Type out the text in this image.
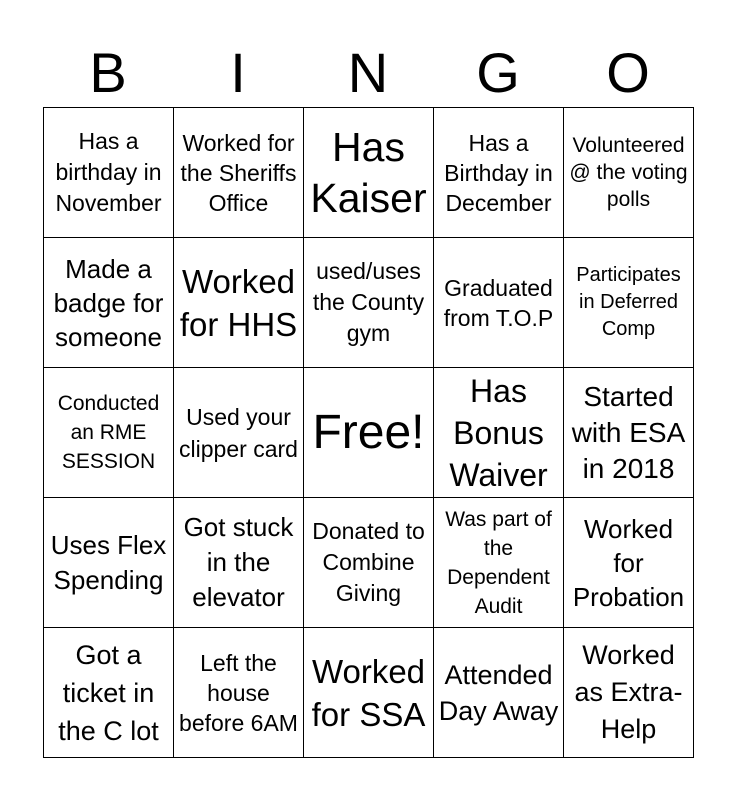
B	I	N	G	O
Has a birthday in November	Worked for the Sheriffs Office	Has Kaiser	Has a Birthday in December	Volunteered @ the voting polls
Made a badge for someone	Worked for HHS	used/uses the County gym	Graduated from T.O.P	Participates in Deferred Comp
Conducted an RME SESSION	Used your clipper card	Free!	Has Bonus Waiver	Started with ESA in 2018
Uses Flex Spending	Got stuck in the elevator	Donated to Combine Giving	Was part of the Dependent Audit	Worked for Probation
Got a ticket in the C lot	Left the house before 6AM	Worked for SSA	Attended Day Away	Worked as Extra-Help
